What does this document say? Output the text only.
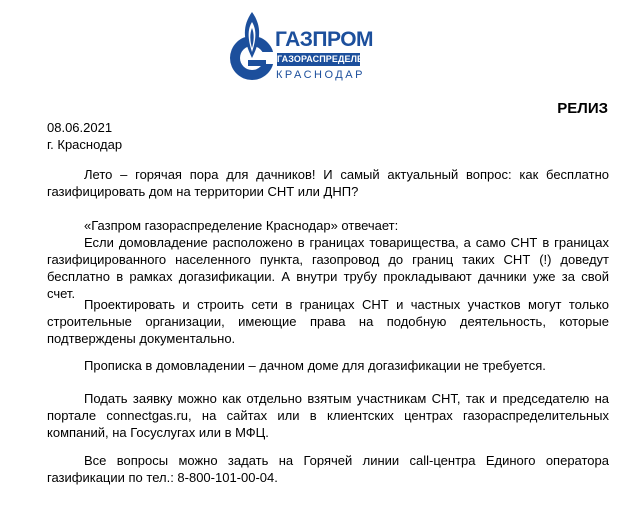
ГАЗПРОМ
ГАЗОРАСПРЕДЕЛЕНИЕ
КРАСНОДАР
РЕЛИЗ
08.06.2021
г. Краснодар
Лето – горячая пора для дачников! И самый актуальный вопрос: как бесплатно газифицировать дом на территории СНТ или ДНП?
«Газпром газораспределение Краснодар» отвечает:
Если домовладение расположено в границах товарищества, а само СНТ в границах газифицированного населенного пункта, газопровод до границ таких СНТ (!) доведут бесплатно в рамках догазификации. А внутри трубу прокладывают дачники уже за свой счет.
Проектировать и строить сети в границах СНТ и частных участков могут только строительные организации, имеющие права на подобную деятельность, которые подтверждены документально.
Прописка в домовладении – дачном доме для догазификации не требуется.
Подать заявку можно как отдельно взятым участникам СНТ, так и председателю на портале connectgas.ru, на сайтах или в клиентских центрах газораспределительных компаний, на Госуслугах или в МФЦ.
Все вопросы можно задать на Горячей линии call-центра Единого оператора газификации по тел.: 8-800-101-00-04.
